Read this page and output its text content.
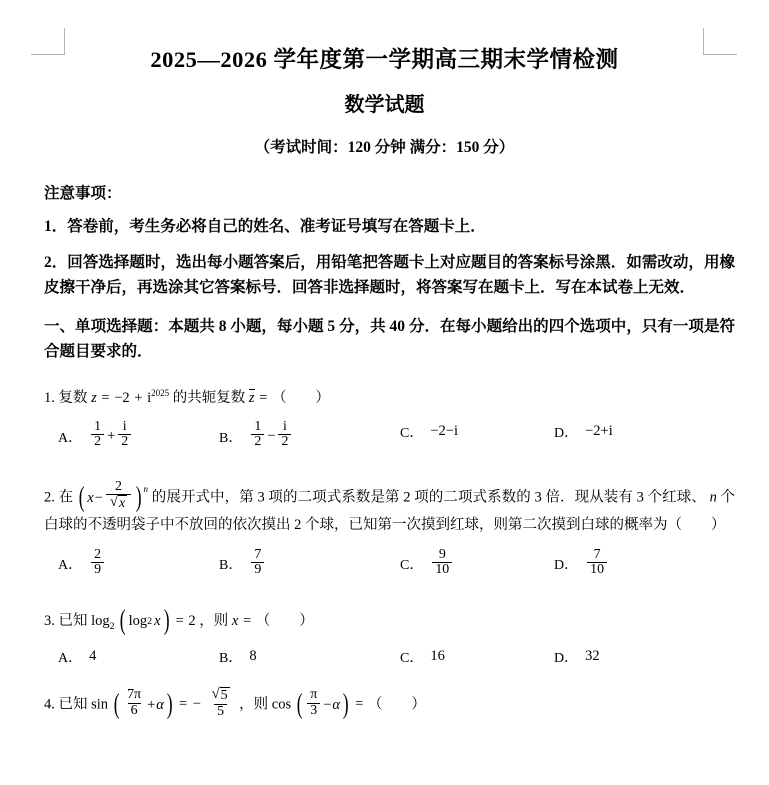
2025—2026 学年度第一学期高三期末学情检测
数学试题
（考试时间：120 分钟 满分：150 分）
注意事项：
1．答卷前，考生务必将自己的姓名、准考证号填写在答题卡上．
2．回答选择题时，选出每小题答案后，用铅笔把答题卡上对应题目的答案标号涂黑．如需改动，用橡皮擦干净后，再选涂其它答案标号．回答非选择题时，将答案写在题卡上．写在本试卷上无效．
一、单项选择题：本题共 8 小题，每小题 5 分，共 40 分．在每小题给出的四个选项中，只有一项是符合题目要求的．
1. 复数 $z = -2 + i^{2025}$ 的共轭复数 z = （　　）
A． $\frac{1}{2} + \frac{i}{2}$	B． $\frac{1}{2} - \frac{i}{2}$	C． −2−i	D． −2+i
2. 在 ( $x - \frac{2}{√ x}$ ) n
的展开式中，第 3 项的二项式系数是第 2 项的二项式系数的 3 倍．现从装有 3 个红球、 n 个白球的不透明袋子中不放回的依次摸出 2 个球，已知第一次摸到红球，则第二次摸到白球的概率为（　　）
A． $\frac{2}{9}$	B． $\frac{7}{9}$	C． $\frac{9}{10}$	D． $\frac{7}{10}$
3. 已知 $\log_2$ ( log 2 x ) = 2 ，则 x = （　　）
A． 4	B． 8	C． 16	D． 32
4. 已知 sin ( $\frac{7\pi}{6} + \alpha$ ) = − $\frac{√ 5}{5}$ ，则 cos ( $\frac{\pi}{3} - \alpha$ ) = （　　）
